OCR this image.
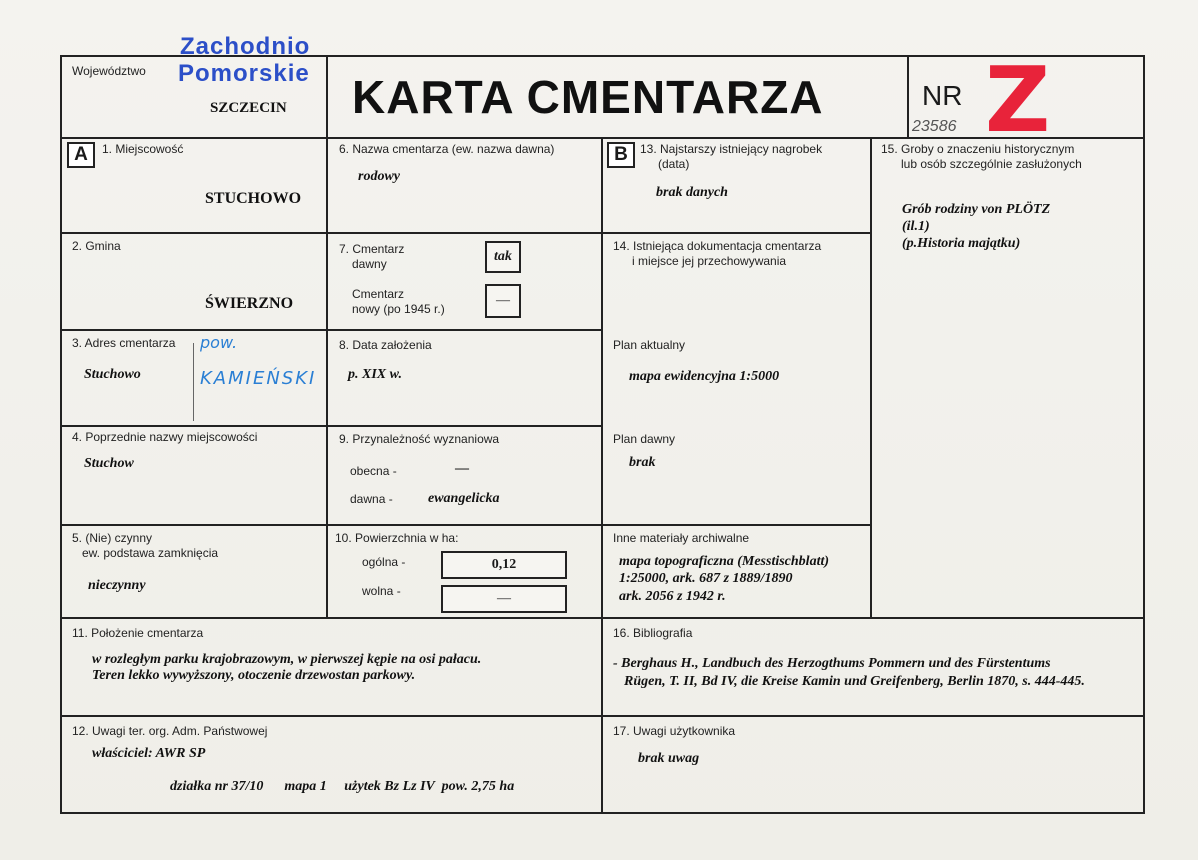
Województwo
SZCZECIN
Zachodnio
Pomorskie KARTA CMENTARZA	NR Z
23586
A	B
1. Miejscowość
STUCHOWO
2. Gmina
ŚWIERZNO
3. Adres cmentarza
Stuchowo
pow.
KAMIEŃSKI
4. Poprzednie nazwy miejscowości
Stuchow
5. (Nie) czynny
ew. podstawa zamknięcia
nieczynny
6. Nazwa cmentarza (ew. nazwa dawna)
rodowy
7. Cmentarz
dawny	tak
Cmentarz
nowy (po 1945 r.)
—
8. Data założenia
p. XIX w.
9. Przynależność wyznaniowa
obecna -	—
dawna -	ewangelicka
10. Powierzchnia w ha:
ogólna -	0,12
wolna -	—
11. Położenie cmentarza
w rozległym parku krajobrazowym, w pierwszej kępie na osi pałacu.
Teren lekko wywyższony, otoczenie drzewostan parkowy.
12. Uwagi ter. org. Adm. Państwowej
właściciel: AWR SP
działka nr 37/10      mapa 1     użytek Bz Lz IV  pow. 2,75 ha
13. Najstarszy istniejący nagrobek
(data)
brak danych
14. Istniejąca dokumentacja cmentarza
i miejsce jej przechowywania
Plan aktualny
mapa ewidencyjna 1:5000
Plan dawny
brak
Inne materiały archiwalne
mapa topograficzna (Messtischblatt)
1:25000, ark. 687 z 1889/1890
ark. 2056 z 1942 r.
15. Groby o znaczeniu historycznym
lub osób szczególnie zasłużonych
Grób rodziny von PLÖTZ
(il.1)
(p.Historia majątku)
16. Bibliografia
- Berghaus H., Landbuch des Herzogthums Pommern und des Fürstentums
Rügen, T. II, Bd IV, die Kreise Kamin und Greifenberg, Berlin 1870, s. 444-445.
17. Uwagi użytkownika
brak uwag
